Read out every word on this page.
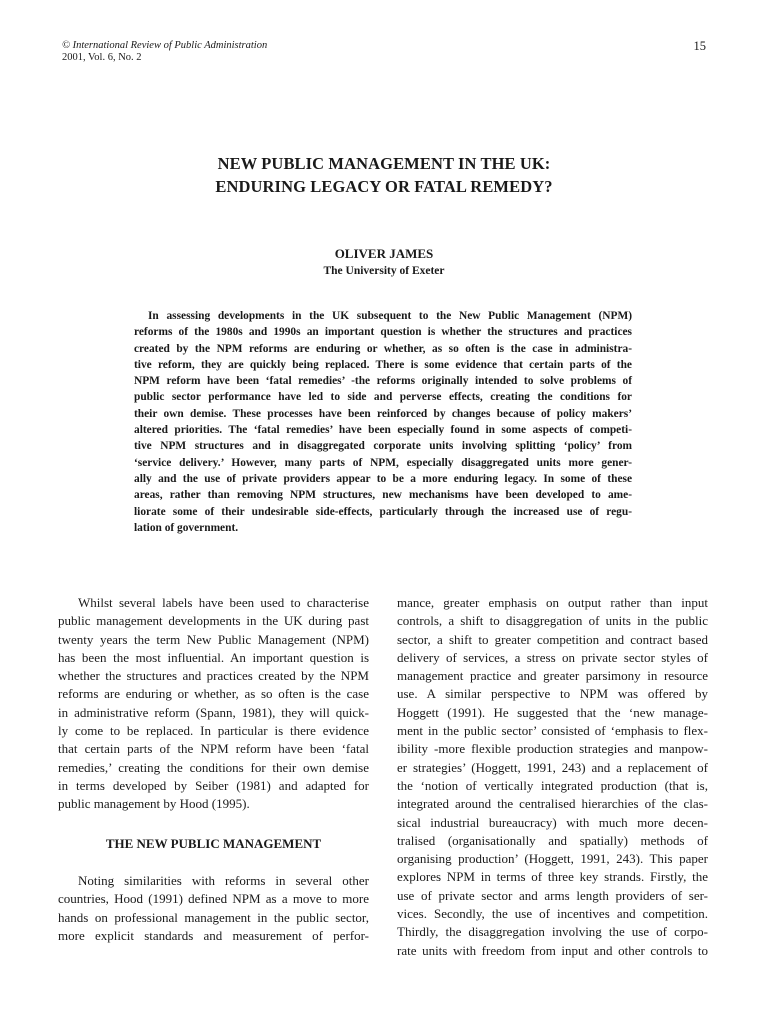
© International Review of Public Administration
2001, Vol. 6, No. 2
15
NEW PUBLIC MANAGEMENT IN THE UK:
ENDURING LEGACY OR FATAL REMEDY?
OLIVER JAMES
The University of Exeter
In assessing developments in the UK subsequent to the New Public Management (NPM)
reforms of the 1980s and 1990s an important question is whether the structures and practices
created by the NPM reforms are enduring or whether, as so often is the case in administra-
tive reform, they are quickly being replaced. There is some evidence that certain parts of the
NPM reform have been ‘fatal remedies’ -the reforms originally intended to solve problems of
public sector performance have led to side and perverse effects, creating the conditions for
their own demise. These processes have been reinforced by changes because of policy makers’
altered priorities. The ‘fatal remedies’ have been especially found in some aspects of competi-
tive NPM structures and in disaggregated corporate units involving splitting ‘policy’ from
‘service delivery.’ However, many parts of NPM, especially disaggregated units more gener-
ally and the use of private providers appear to be a more enduring legacy. In some of these
areas, rather than removing NPM structures, new mechanisms have been developed to ame-
liorate some of their undesirable side-effects, particularly through the increased use of regu-
lation of government.
Whilst several labels have been used to characterise
public management developments in the UK during past
twenty years the term New Public Management (NPM)
has been the most influential. An important question is
whether the structures and practices created by the NPM
reforms are enduring or whether, as so often is the case
in administrative reform (Spann, 1981), they will quick-
ly come to be replaced. In particular is there evidence
that certain parts of the NPM reform have been ‘fatal
remedies,’ creating the conditions for their own demise
in terms developed by Seiber (1981) and adapted for
public management by Hood (1995).
THE NEW PUBLIC MANAGEMENT
Noting similarities with reforms in several other
countries, Hood (1991) defined NPM as a move to more
hands on professional management in the public sector,
more explicit standards and measurement of perfor-
mance, greater emphasis on output rather than input
controls, a shift to disaggregation of units in the public
sector, a shift to greater competition and contract based
delivery of services, a stress on private sector styles of
management practice and greater parsimony in resource
use. A similar perspective to NPM was offered by
Hoggett (1991). He suggested that the ‘new manage-
ment in the public sector’ consisted of ‘emphasis to flex-
ibility -more flexible production strategies and manpow-
er strategies’ (Hoggett, 1991, 243) and a replacement of
the ‘notion of vertically integrated production (that is,
integrated around the centralised hierarchies of the clas-
sical industrial bureaucracy) with much more decen-
tralised (organisationally and spatially) methods of
organising production’ (Hoggett, 1991, 243). This paper
explores NPM in terms of three key strands. Firstly, the
use of private sector and arms length providers of ser-
vices. Secondly, the use of incentives and competition.
Thirdly, the disaggregation involving the use of corpo-
rate units with freedom from input and other controls to
